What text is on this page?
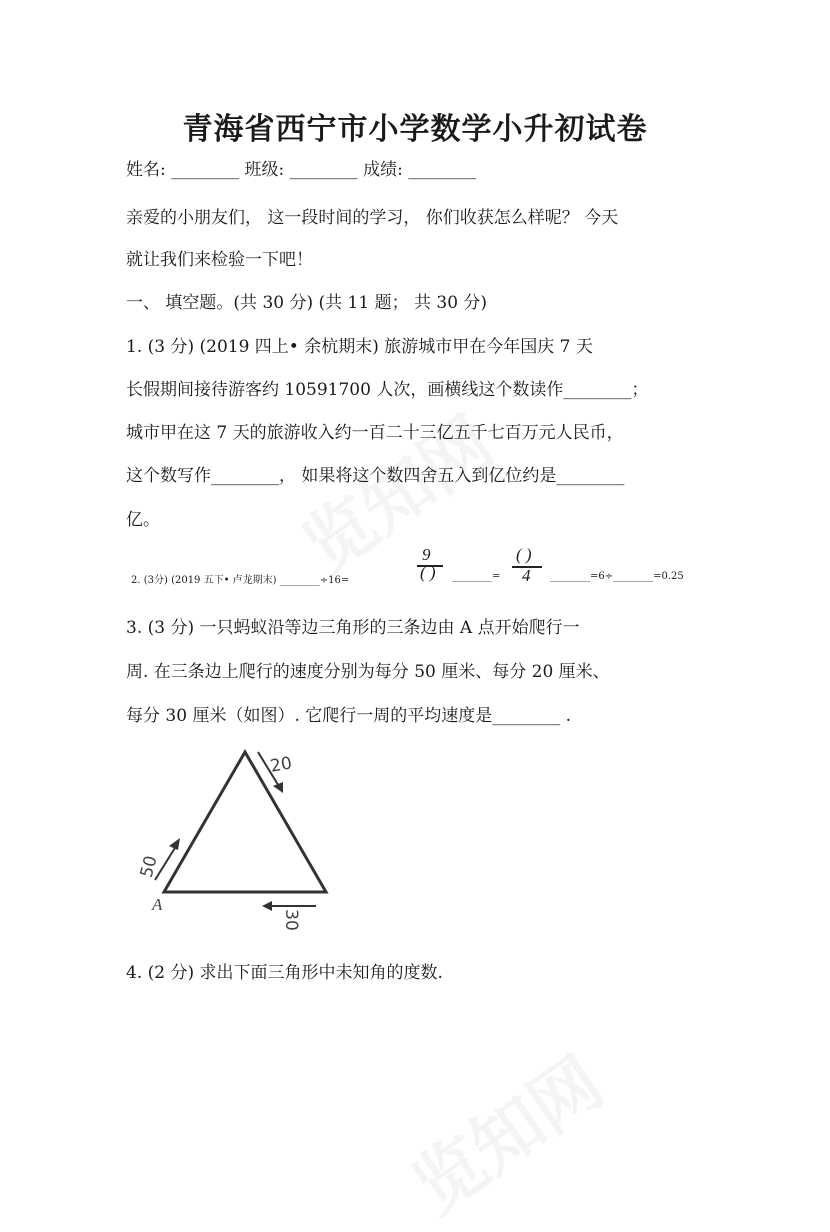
青海省西宁市小学数学小升初试卷
姓名: ________ 班级: ________ 成绩: ________
亲爱的小朋友们， 这一段时间的学习， 你们收获怎么样呢？ 今天
就让我们来检验一下吧！
一、 填空题。(共 30 分) (共 11 题； 共 30 分)
1. (3 分) (2019 四上• 余杭期末) 旅游城市甲在今年国庆 7 天
长假期间接待游客约 10591700 人次，画横线这个数读作________；
城市甲在这 7 天的旅游收入约一百二十三亿五千七百万元人民币，
这个数写作________， 如果将这个数四舍五入到亿位约是________
亿。
2. (3分) (2019 五下• 卢龙期末) ________÷16=
9
( ) ________=
( )
4 ________=6÷________=0.25
3. (3 分) 一只蚂蚁沿等边三角形的三条边由 A 点开始爬行一
周. 在三条边上爬行的速度分别为每分 50 厘米、每分 20 厘米、
每分 30 厘米（如图）. 它爬行一周的平均速度是________ .
50
20
30
A
4. (2 分) 求出下面三角形中未知角的度数.
